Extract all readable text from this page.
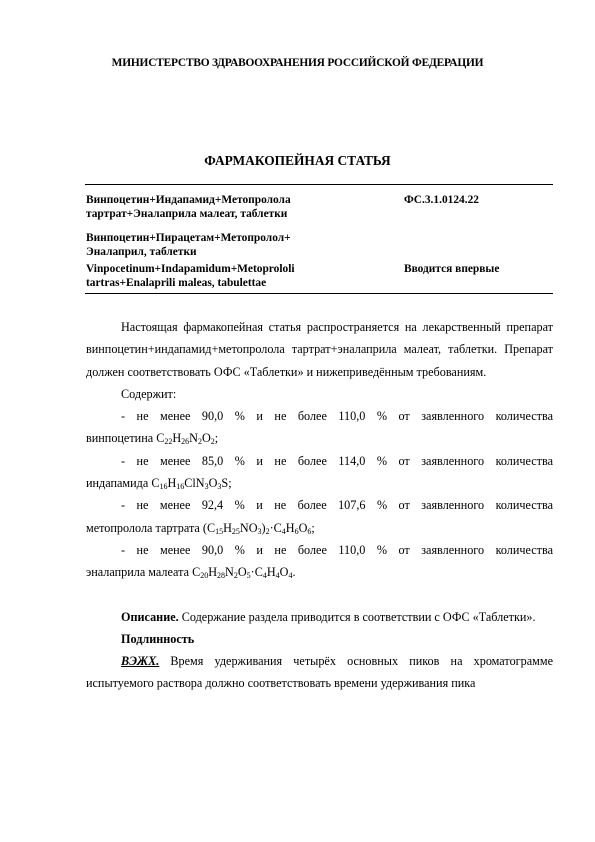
МИНИСТЕРСТВО ЗДРАВООХРАНЕНИЯ РОССИЙСКОЙ ФЕДЕРАЦИИ
ФАРМАКОПЕЙНАЯ СТАТЬЯ
Винпоцетин+Индапамид+Метопролола
тартрат+Эналаприла малеат, таблетки
ФС.3.1.0124.22
Винпоцетин+Пирацетам+Метопролол+
Эналаприл, таблетки
Vinpocetinum+Indapamidum+Metoprololi
tartras+Enalaprili maleas, tabulettae
Вводится впервые

Настоящая фармакопейная статья распространяется на лекарственный препарат винпоцетин+индапамид+метопролола тартрат+эналаприла малеат, таблетки. Препарат должен соответствовать ОФС «Таблетки» и нижеприведённым требованиям.

Содержит:

- не менее 90,0 % и не более 110,0 % от заявленного количества

винпоцетина $C_{22}H_{26}N_2O_2$;

- не менее 85,0 % и не более 114,0 % от заявленного количества

индапамида $C_{16}H_{16}ClN_3O_3S$;

- не менее 92,4 % и не более 107,6 % от заявленного количества

метопролола тартрата $(C_{15}H_{25}NO_3)_2\cdot C_4H_6O_6$;

- не менее 90,0 % и не более 110,0 % от заявленного количества

эналаприла малеата $C_{20}H_{28}N_2O_5\cdot C_4H_4O_4$.

Описание. Содержание раздела приводится в соответствии с ОФС «Таблетки».

Подлинность

ВЭЖХ. Время удерживания четырёх основных пиков на хроматограмме испытуемого раствора должно соответствовать времени удерживания пика
